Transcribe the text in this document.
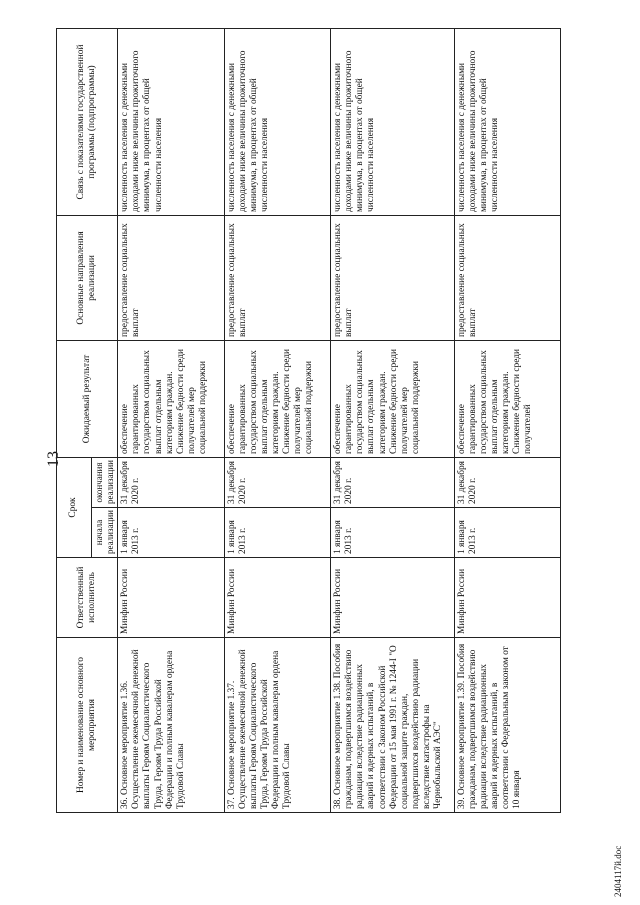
13
Номер и наименование основного мероприятия	Ответственный исполнитель	Срок		Ожидаемый результат	Основные направления реализации	Связь с показателями государственной программы (подпрограммы)
		начала реализации	окончания реализации			
36.Основное мероприятие 1.36. Осуществление ежемесячной денежной выплаты Героям Социалистического Труда, Героям Труда Российской Федерации и полным кавалерам ордена Трудовой Славы	Минфин России	1 января 2013 г.	31 декабря 2020 г.	обеспечение гарантированных государством социальных выплат отдельным категориям граждан. Снижение бедности среди получателей мер социальной поддержки	предоставление социальных выплат	численность населения с денежными доходами ниже величины прожиточного минимума, в процентах от общей численности населения
37.Основное мероприятие 1.37. Осуществление ежемесячной денежной выплаты Героям Социалистического Труда, Героям Труда Российской Федерации и полным кавалерам ордена Трудовой Славы	Минфин России	1 января 2013 г.	31 декабря 2020 г.	обеспечение гарантированных государством социальных выплат отдельным категориям граждан. Снижение бедности среди получателей мер социальной поддержки	предоставление социальных выплат	численность населения с денежными доходами ниже величины прожиточного минимума, в процентах от общей численности населения
38.Основное мероприятие 1.38. Пособия гражданам, подвергшимся воздействию радиации вследствие радиационных аварий и ядерных испытаний, в соответствии с Законом Российской Федерации от 15 мая 1991 г. № 1244-I "О социальной защите граждан, подвергшихся воздействию радиации вследствие катастрофы на Чернобыльской АЭС"	Минфин России	1 января 2013 г.	31 декабря 2020 г.	обеспечение гарантированных государством социальных выплат отдельным категориям граждан. Снижение бедности среди получателей мер социальной поддержки	предоставление социальных выплат	численность населения с денежными доходами ниже величины прожиточного минимума, в процентах от общей численности населения
39.Основное мероприятие 1.39. Пособия гражданам, подвергшимся воздействию радиации вследствие радиационных аварий и ядерных испытаний, в соответствии с Федеральным законом от 10 января	Минфин России	1 января 2013 г.	31 декабря 2020 г.	обеспечение гарантированных государством социальных выплат отдельным категориям граждан. Снижение бедности среди получателей	предоставление социальных выплат	численность населения с денежными доходами ниже величины прожиточного минимума, в процентах от общей численности населения
2404117й.doc
